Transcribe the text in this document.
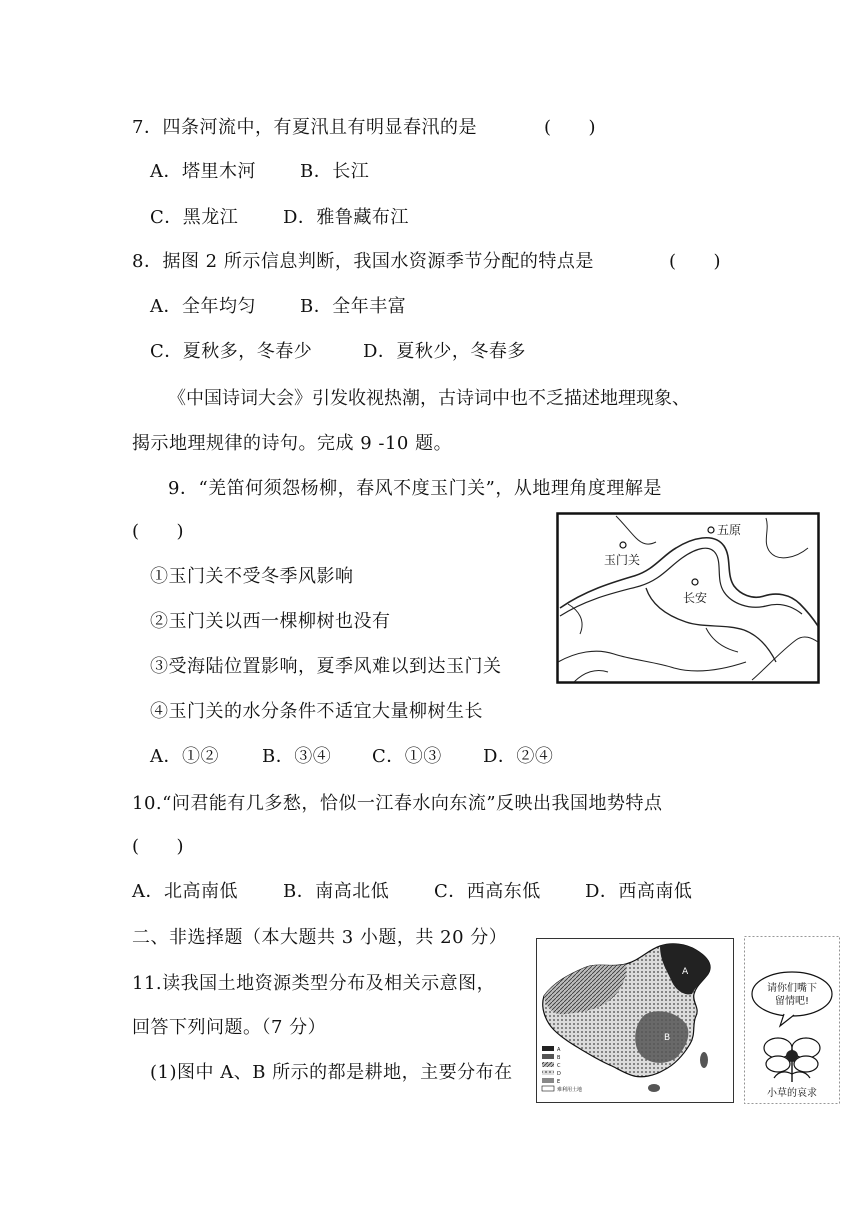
7．四条河流中，有夏汛且有明显春汛的是	(　　)
A．塔里木河 B．长江
C．黑龙江 D．雅鲁藏布江
8．据图 2 所示信息判断，我国水资源季节分配的特点是	(　　)
A．全年均匀 B．全年丰富
C．夏秋多，冬春少	D．夏秋少，冬春多
《中国诗词大会》引发收视热潮，古诗词中也不乏描述地理现象、
揭示地理规律的诗句。完成 9 -10 题。
9．“羌笛何须怨杨柳，春风不度玉门关”，从地理角度理解是
(　　)
①玉门关不受冬季风影响
②玉门关以西一棵柳树也没有
③受海陆位置影响，夏季风难以到达玉门关
④玉门关的水分条件不适宜大量柳树生长
A．①② B．③④ C．①③ D．②④
五原
玉门关
长安
10.“问君能有几多愁，恰似一江春水向东流”反映出我国地势特点
(　　)
A．北高南低	B．南高北低 C．西高东低 D．西高南低
二、非选择题（本大题共 3 小题，共 20 分）
11.读我国土地资源类型分布及相关示意图，
回答下列问题。（7 分）
(1)图中 A、B 所示的都是耕地，主要分布在
A
B
A
B
C
D
E
难利用土地
请你们嘴下
留情吧!
小草的哀求
